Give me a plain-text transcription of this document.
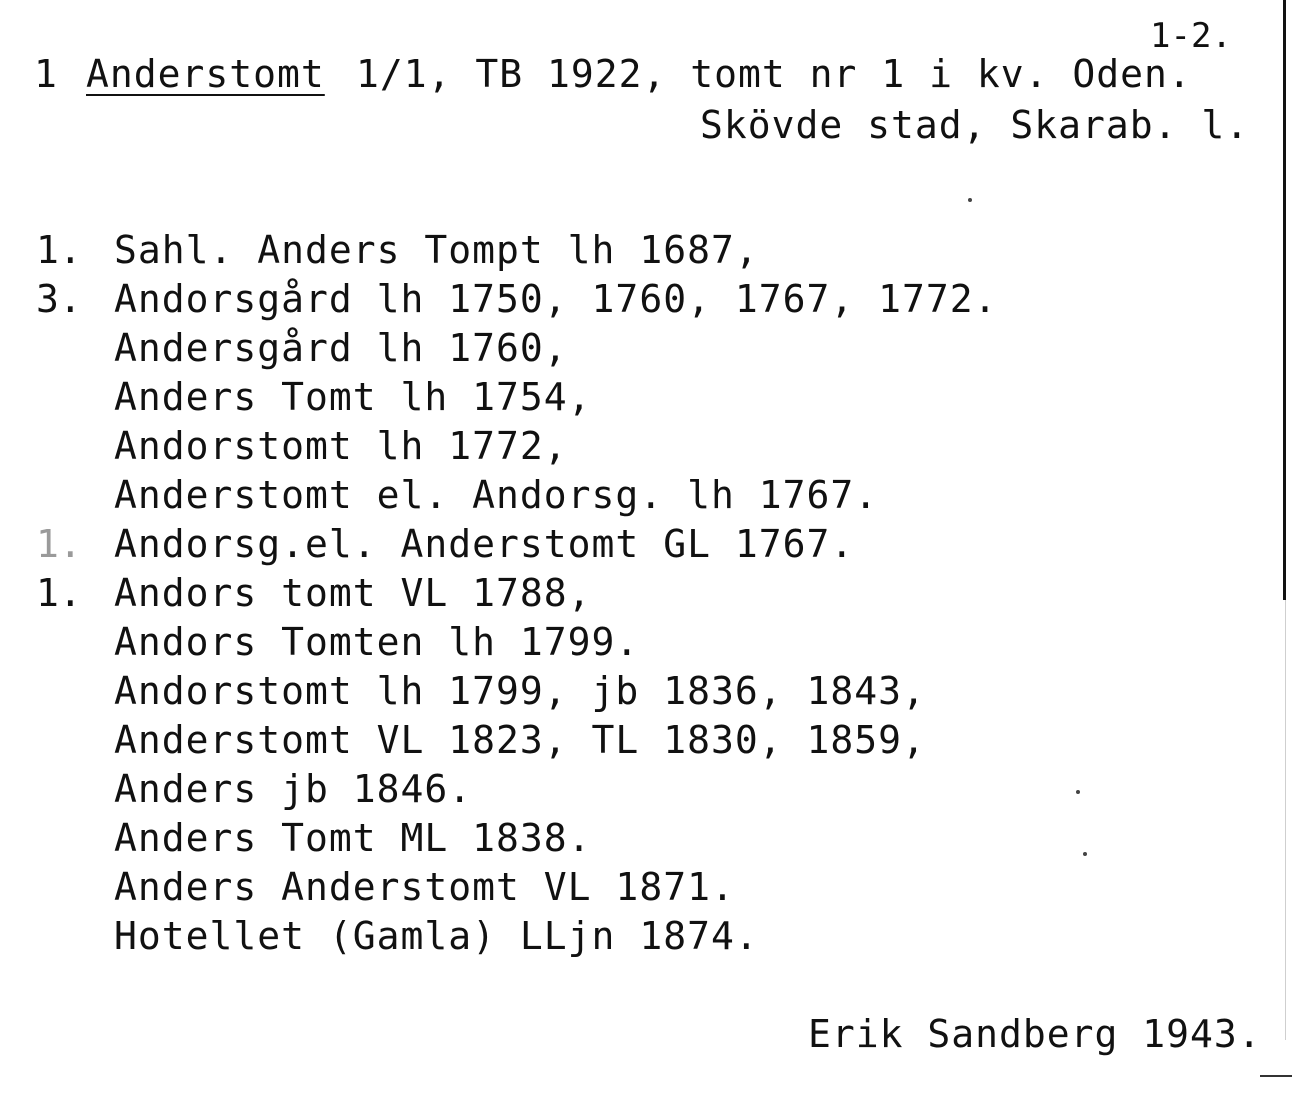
1-2.
1 Anderstomt 1/1, TB 1922, tomt nr 1 i kv. Oden.
Skövde stad, Skarab. l.
1. Sahl. Anders Tompt lh 1687,
3. Andorsgård lh 1750, 1760, 1767, 1772.
Andersgård lh 1760,
Anders Tomt lh 1754,
Andorstomt lh 1772,
Anderstomt el. Andorsg. lh 1767.
1. Andorsg.el. Anderstomt GL 1767.
1. Andors tomt VL 1788,
Andors Tomten lh 1799.
Andorstomt lh 1799, jb 1836, 1843,
Anderstomt VL 1823, TL 1830, 1859,
Anders jb 1846.
Anders Tomt ML 1838.
Anders Anderstomt VL 1871.
Hotellet (Gamla) LLjn 1874.
Erik Sandberg 1943.
